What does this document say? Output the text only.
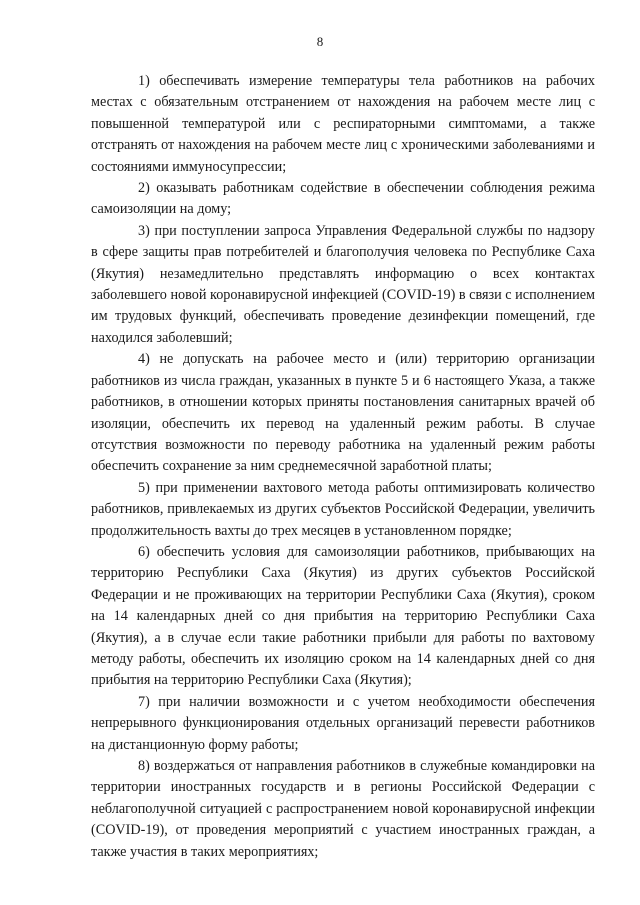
8

1) обеспечивать измерение температуры тела работников на рабочих местах с обязательным отстранением от нахождения на рабочем месте лиц с повышенной температурой или с респираторными симптомами, а также отстранять от нахождения на рабочем месте лиц с хроническими заболеваниями и состояниями иммуносупрессии;

2) оказывать работникам содействие в обеспечении соблюдения режима самоизоляции на дому;

3) при поступлении запроса Управления Федеральной службы по надзору в сфере защиты прав потребителей и благополучия человека по Республике Саха (Якутия) незамедлительно представлять информацию о всех контактах заболевшего новой коронавирусной инфекцией (COVID-19) в связи с исполнением им трудовых функций, обеспечивать проведение дезинфекции помещений, где находился заболевший;

4) не допускать на рабочее место и (или) территорию организации работников из числа граждан, указанных в пункте 5 и 6 настоящего Указа, а также работников, в отношении которых приняты постановления санитарных врачей об изоляции, обеспечить их перевод на удаленный режим работы. В случае отсутствия возможности по переводу работника на удаленный режим работы обеспечить сохранение за ним среднемесячной заработной платы;

5) при применении вахтового метода работы оптимизировать количество работников, привлекаемых из других субъектов Российской Федерации, увеличить продолжительность вахты до трех месяцев в установленном порядке;

6) обеспечить условия для самоизоляции работников, прибывающих на территорию Республики Саха (Якутия) из других субъектов Российской Федерации и не проживающих на территории Республики Саха (Якутия), сроком на 14 календарных дней со дня прибытия на территорию Республики Саха (Якутия), а в случае если такие работники прибыли для работы по вахтовому методу работы, обеспечить их изоляцию сроком на 14 календарных дней со дня прибытия на территорию Республики Саха (Якутия);

7) при наличии возможности и с учетом необходимости обеспечения непрерывного функционирования отдельных организаций перевести работников на дистанционную форму работы;

8) воздержаться от направления работников в служебные командировки на территории иностранных государств и в регионы Российской Федерации с неблагополучной ситуацией с распространением новой коронавирусной инфекции (COVID-19), от проведения мероприятий с участием иностранных граждан, а также участия в таких мероприятиях;
